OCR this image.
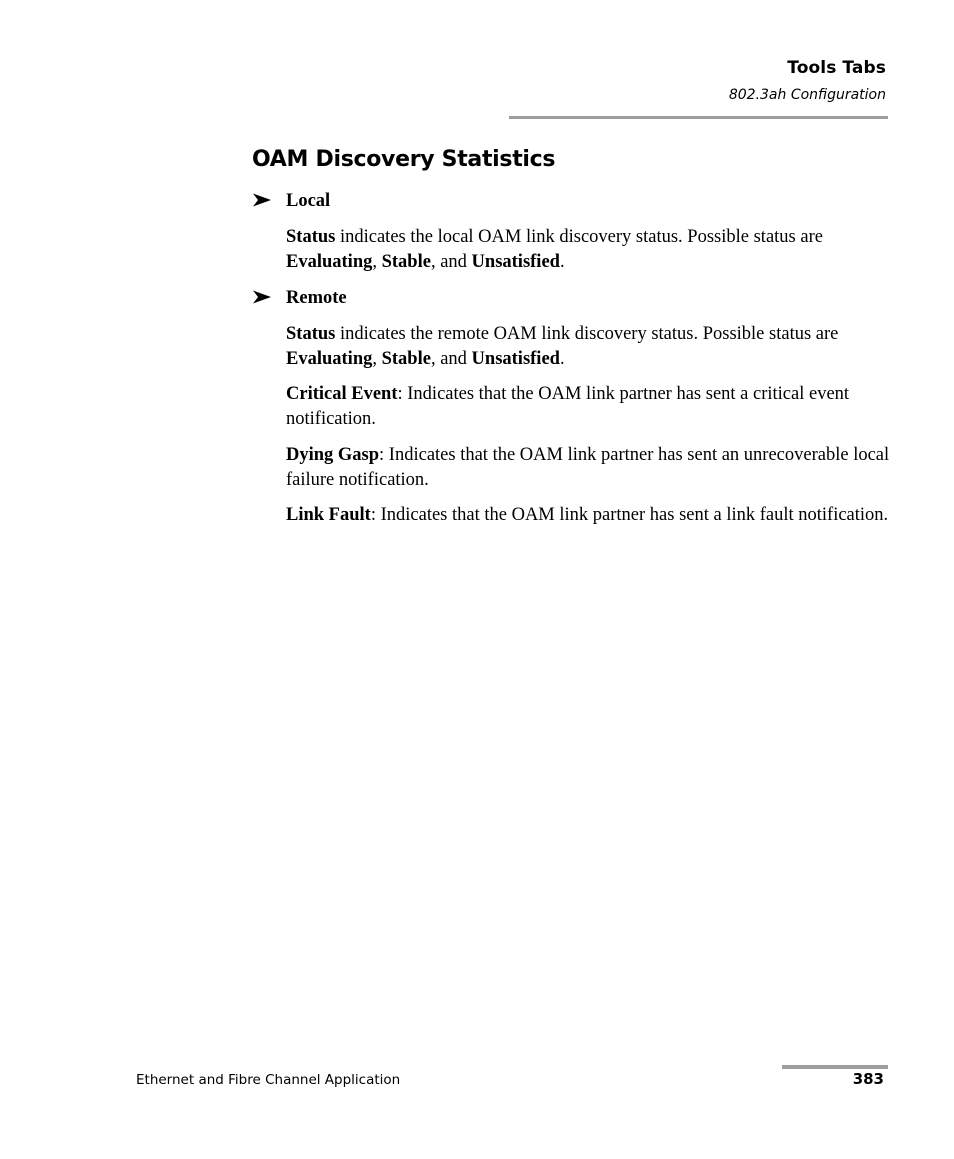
Tools Tabs
802.3ah Configuration
OAM Discovery Statistics
Local

Status indicates the local OAM link discovery status. Possible status are Evaluating, Stable, and Unsatisfied.

Remote

Status indicates the remote OAM link discovery status. Possible status are Evaluating, Stable, and Unsatisfied.

Critical Event: Indicates that the OAM link partner has sent a critical event notification.

Dying Gasp: Indicates that the OAM link partner has sent an unrecoverable local failure notification.

Link Fault: Indicates that the OAM link partner has sent a link fault notification.

Ethernet and Fibre Channel Application	383
